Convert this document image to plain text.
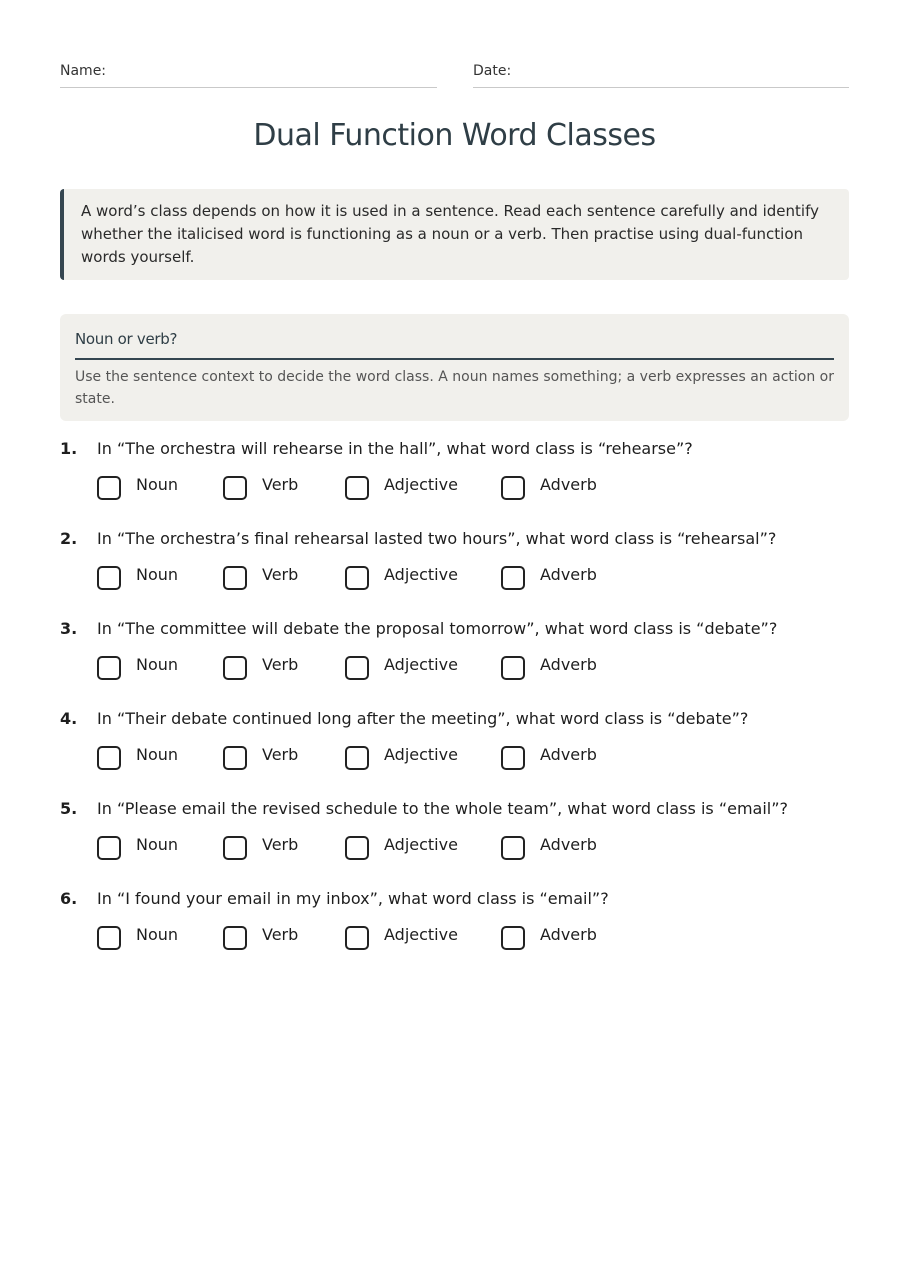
Name:	Date:
Dual Function Word Classes
A word’s class depends on how it is used in a sentence. Read each sentence carefully and identify whether the italicised word is functioning as a noun or a verb. Then practise using dual-function words yourself.
Noun or verb?
Use the sentence context to decide the word class. A noun names something; a verb expresses an action or state.
1. In “The orchestra will rehearse in the hall”, what word class is “rehearse”?
Noun	Verb	Adjective	Adverb
2. In “The orchestra’s final rehearsal lasted two hours”, what word class is “rehearsal”?
Noun	Verb	Adjective	Adverb
3. In “The committee will debate the proposal tomorrow”, what word class is “debate”?
Noun	Verb	Adjective	Adverb
4. In “Their debate continued long after the meeting”, what word class is “debate”?
Noun	Verb	Adjective	Adverb
5. In “Please email the revised schedule to the whole team”, what word class is “email”?
Noun	Verb	Adjective	Adverb
6. In “I found your email in my inbox”, what word class is “email”?
Noun	Verb	Adjective	Adverb
